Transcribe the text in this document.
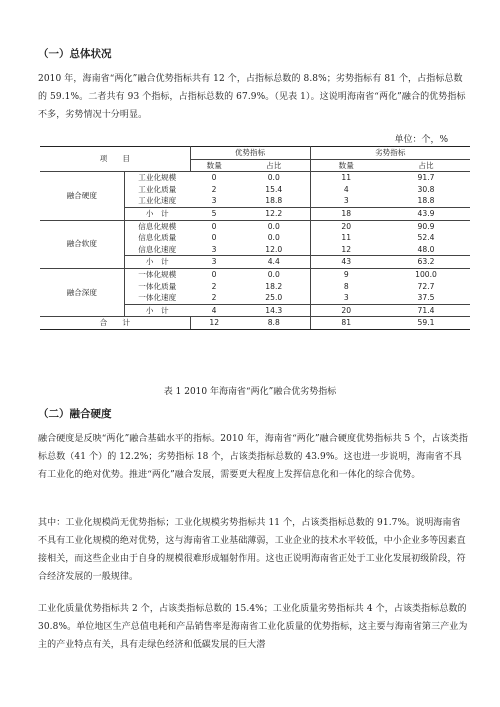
（一）总体状况

2010 年，海南省“两化”融合优势指标共有 12 个，占指标总数的 8.8%；劣势指标有 81 个，占指标总数的 59.1%。二者共有 93 个指标，占指标总数的 67.9%。（见表 1）。这说明海南省“两化”融合的优势指标不多，劣势情况十分明显。

单位：个，%
项　　目		优势指标		劣势指标	
		数量	占比	数量	占比
融合硬度	工业化规模	0	0.0	11	91.7
	工业化质量	2	15.4	4	30.8
	工业化速度	3	18.8	3	18.8
	小　计	5	12.2	18	43.9
融合软度	信息化规模	0	0.0	20	90.9
	信息化质量	0	0.0	11	52.4
	信息化速度	3	12.0	12	48.0
	小　计	3	4.4	43	63.2
融合深度	一体化规模	0	0.0	9	100.0
	一体化质量	2	18.2	8	72.7
	一体化速度	2	25.0	3	37.5
	小　计	4	14.3	20	71.4
合　　计		12	8.8	81	59.1
表 1 2010 年海南省“两化”融合优劣势指标
（二）融合硬度

融合硬度是反映“两化”融合基础水平的指标。2010 年，海南省“两化”融合硬度优势指标共 5 个，占该类指标总数（41 个）的 12.2%；劣势指标 18 个，占该类指标总数的 43.9%。这也进一步说明，海南省不具有工业化的绝对优势。推进“两化”融合发展，需要更大程度上发挥信息化和一体化的综合优势。

其中：工业化规模尚无优势指标；工业化规模劣势指标共 11 个，占该类指标总数的 91.7%。说明海南省不具有工业化规模的绝对优势，这与海南省工业基础薄弱，工业企业的技术水平较低，中小企业多等因素直接相关，而这些企业由于自身的规模很难形成辐射作用。这也正说明海南省正处于工业化发展初级阶段，符合经济发展的一般规律。

工业化质量优势指标共 2 个，占该类指标总数的 15.4%；工业化质量劣势指标共 4 个，占该类指标总数的 30.8%。单位地区生产总值电耗和产品销售率是海南省工业化质量的优势指标，这主要与海南省第三产业为主的产业特点有关，具有走绿色经济和低碳发展的巨大潜
